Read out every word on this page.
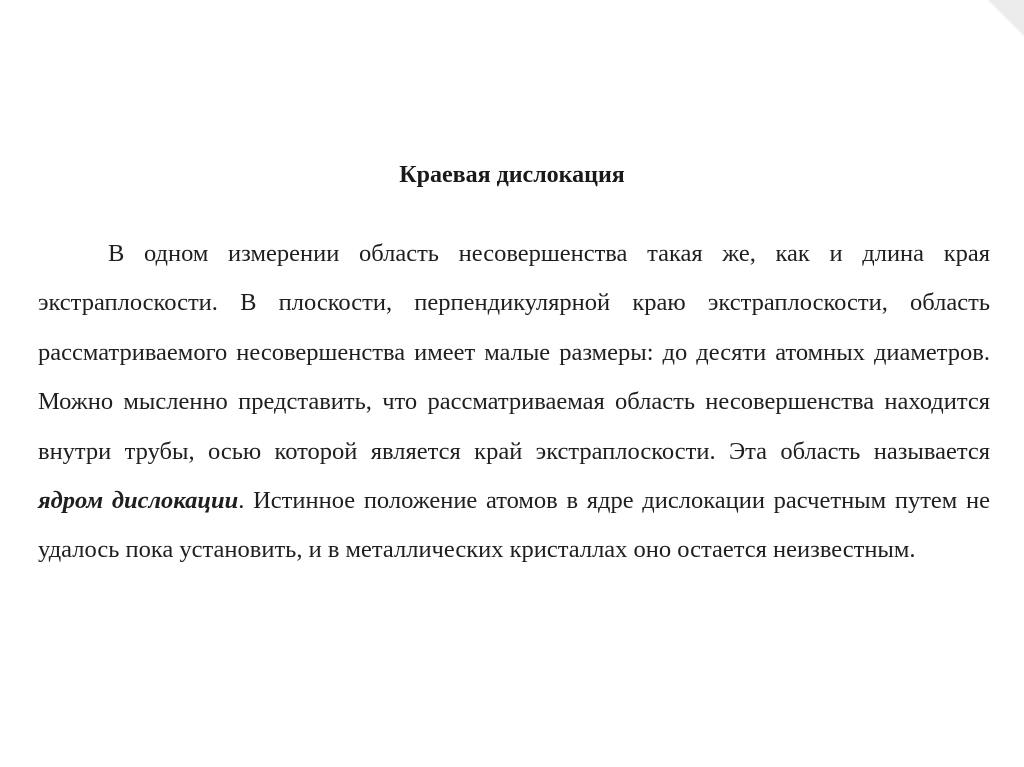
Краевая дислокация

В одном измерении область несовершенства такая же, как и длина края экстраплоскости. В плоскости, перпендикулярной краю экстраплоскости, область рассматриваемого несовершенства имеет малые размеры: до десяти атомных диаметров. Можно мысленно представить, что рассматриваемая область несовершенства находится внутри трубы, осью которой является край экстраплоскости. Эта область называется ядром дислокации. Истинное положение атомов в ядре дислокации расчетным путем не удалось пока установить, и в металлических кристаллах оно остается неизвестным.
